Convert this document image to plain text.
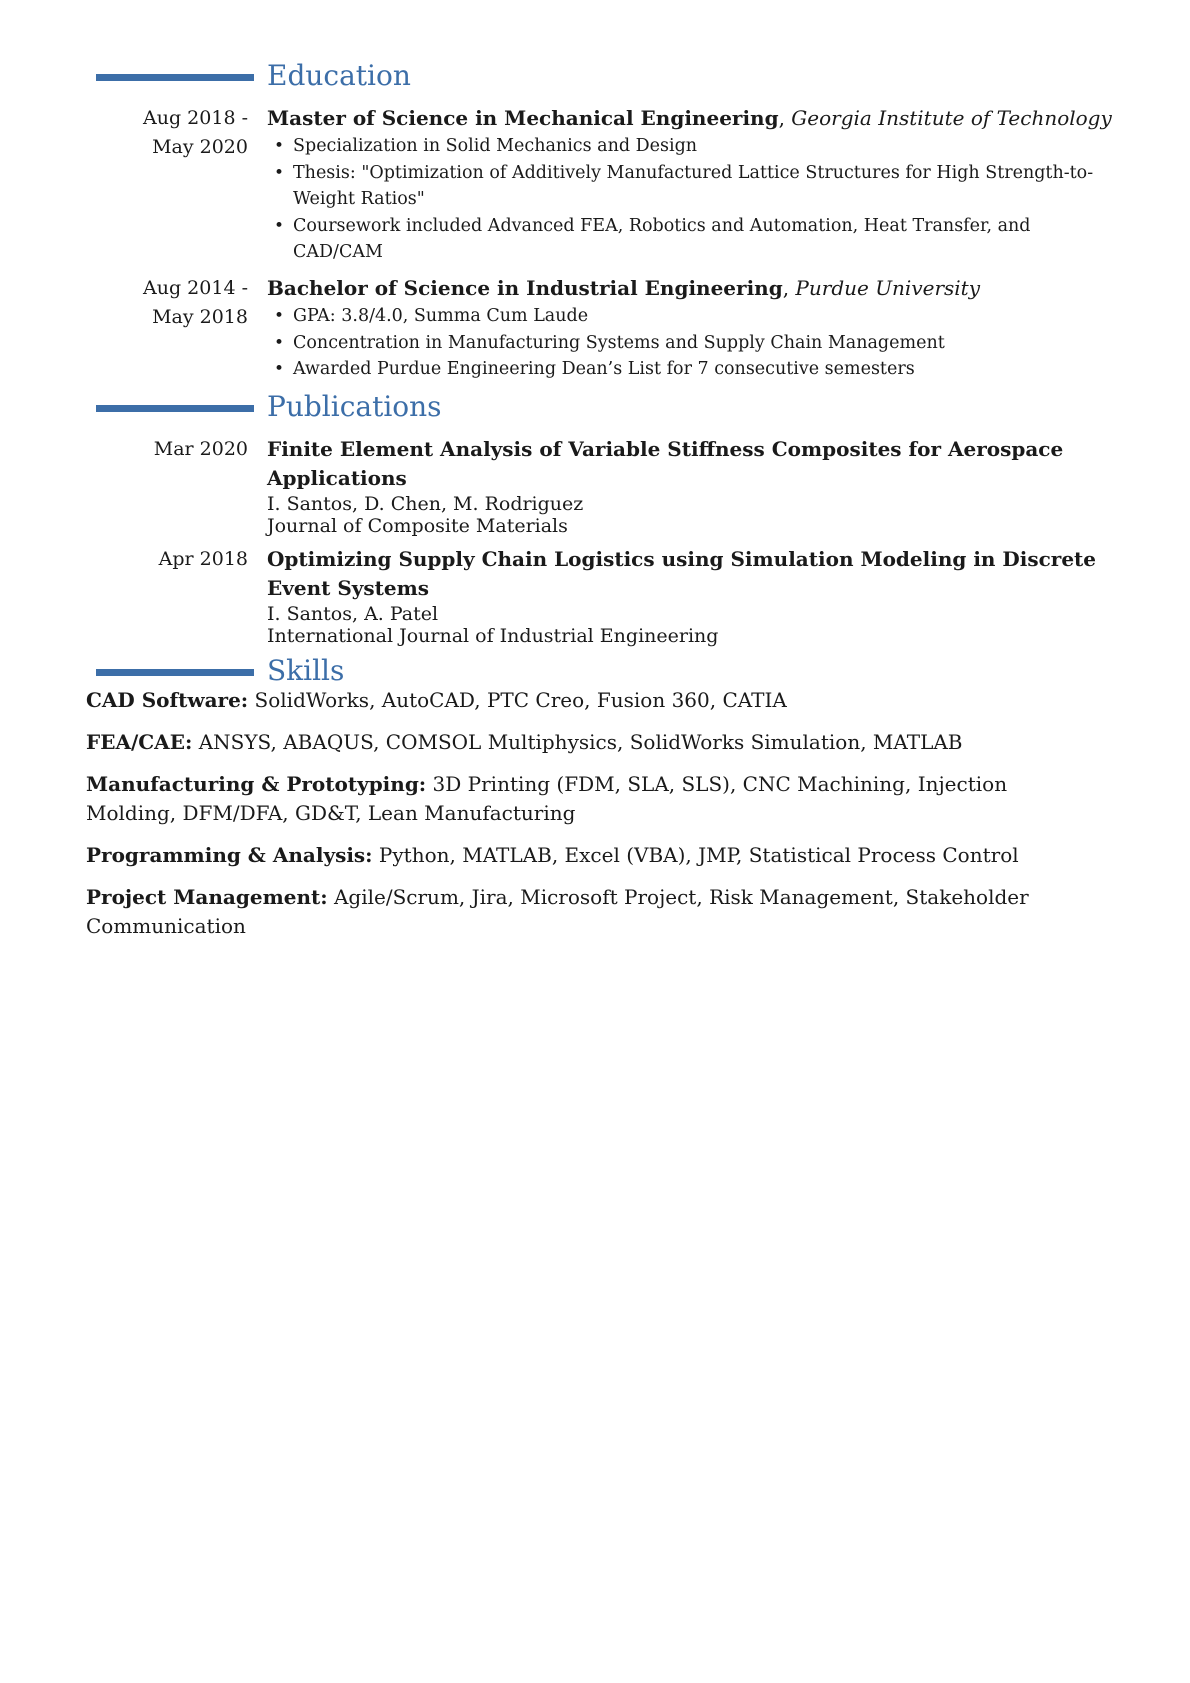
Education
Aug 2018 -
May 2020
Master of Science in Mechanical Engineering, Georgia Institute of Technology
• Specialization in Solid Mechanics and Design
• Thesis: "Optimization of Additively Manufactured Lattice Structures for High Strength-to-Weight Ratios"
• Coursework included Advanced FEA, Robotics and Automation, Heat Transfer, and CAD/CAM
Aug 2014 -
May 2018
Bachelor of Science in Industrial Engineering, Purdue University
• GPA: 3.8/4.0, Summa Cum Laude
• Concentration in Manufacturing Systems and Supply Chain Management
• Awarded Purdue Engineering Dean’s List for 7 consecutive semesters
Publications
Mar 2020 Finite Element Analysis of Variable Stiffness Composites for Aerospace Applications
I. Santos, D. Chen, M. Rodriguez
Journal of Composite Materials
Apr 2018 Optimizing Supply Chain Logistics using Simulation Modeling in Discrete Event Systems
I. Santos, A. Patel
International Journal of Industrial Engineering
Skills
CAD Software: SolidWorks, AutoCAD, PTC Creo, Fusion 360, CATIA
FEA/CAE: ANSYS, ABAQUS, COMSOL Multiphysics, SolidWorks Simulation, MATLAB
Manufacturing & Prototyping: 3D Printing (FDM, SLA, SLS), CNC Machining, Injection Molding, DFM/DFA, GD&T, Lean Manufacturing
Programming & Analysis: Python, MATLAB, Excel (VBA), JMP, Statistical Process Control
Project Management: Agile/Scrum, Jira, Microsoft Project, Risk Management, Stakeholder Communication
